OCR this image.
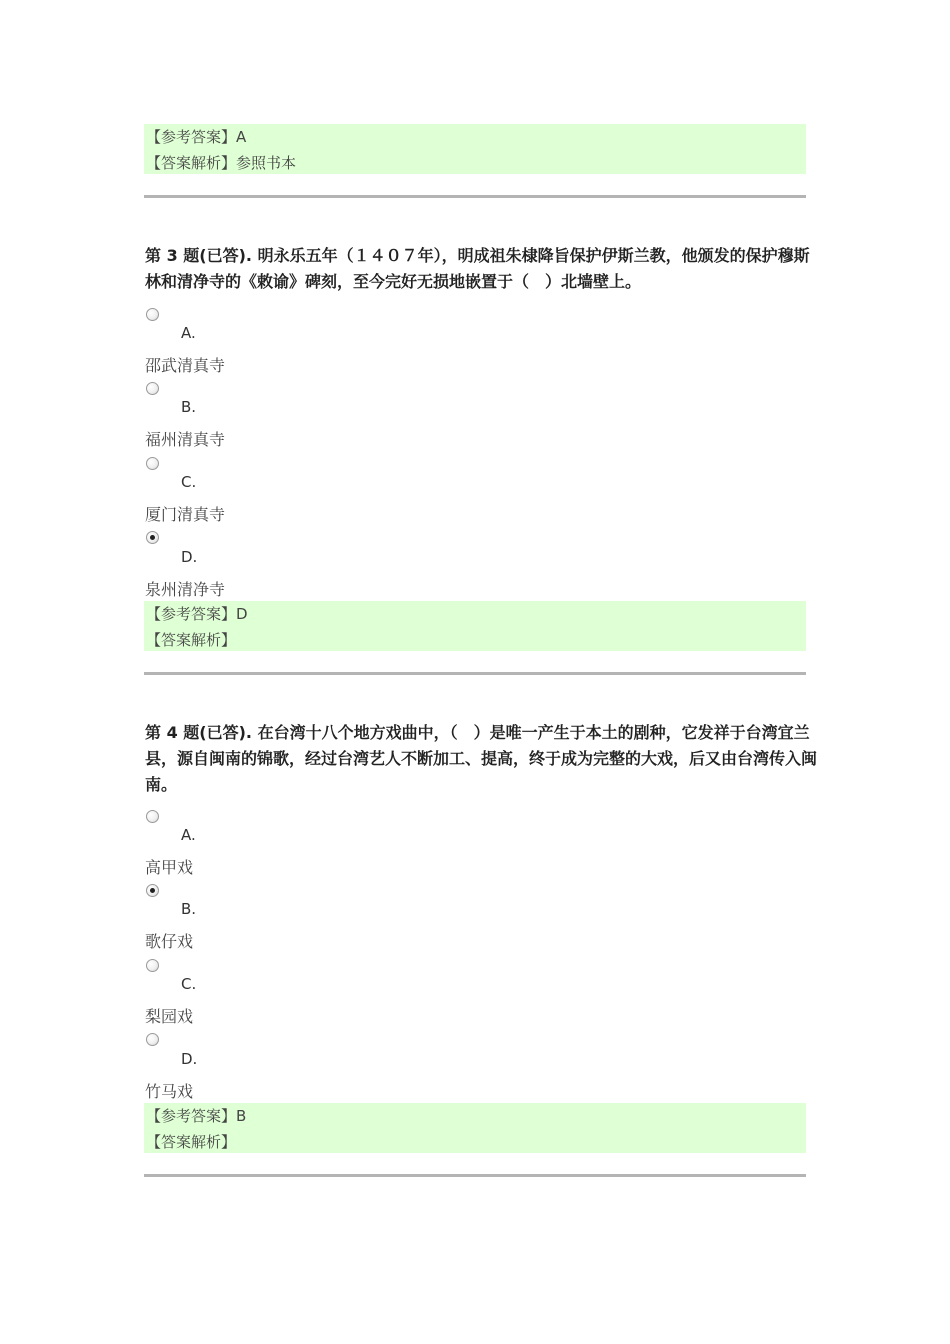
【参考答案】A
【答案解析】参照书本
第 3 题(已答). 明永乐五年（１４０７年），明成祖朱棣降旨保护伊斯兰教，他颁发的保护穆斯林和清净寺的《敕谕》碑刻，至今完好无损地嵌置于（　）北墙壁上。
A.
邵武清真寺
B.
福州清真寺
C.
厦门清真寺
D.
泉州清净寺
【参考答案】D
【答案解析】
第 4 题(已答). 在台湾十八个地方戏曲中，（　）是唯一产生于本土的剧种，它发祥于台湾宜兰县，源自闽南的锦歌，经过台湾艺人不断加工、提高，终于成为完整的大戏，后又由台湾传入闽南。
A.
高甲戏
B.
歌仔戏
C.
梨园戏
D.
竹马戏
【参考答案】B
【答案解析】
